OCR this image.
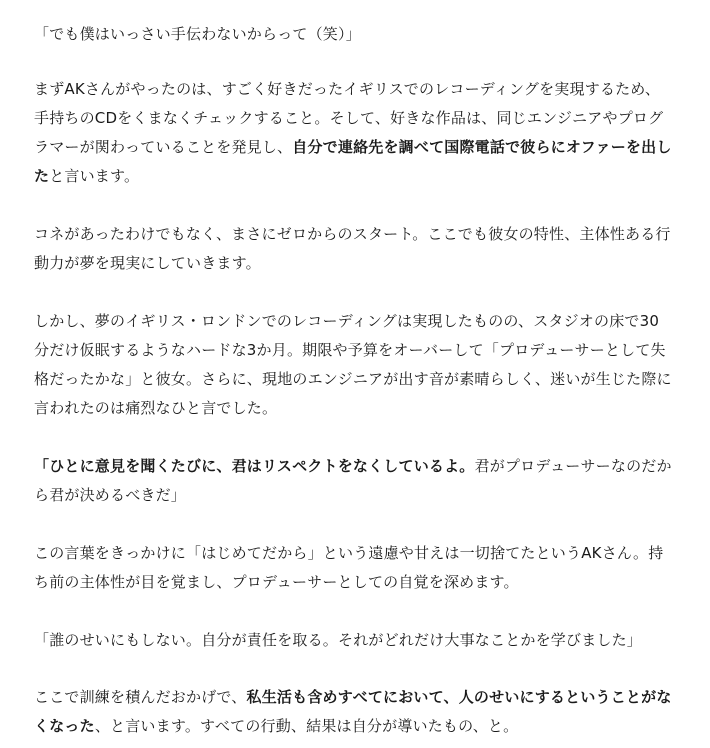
「でも僕はいっさい手伝わないからって（笑）」

まずAKさんがやったのは、すごく好きだったイギリスでのレコーディングを実現するため、手持ちのCDをくまなくチェックすること。そして、好きな作品は、同じエンジニアやプログラマーが関わっていることを発見し、自分で連絡先を調べて国際電話で彼らにオファーを出したと言います。

コネがあったわけでもなく、まさにゼロからのスタート。ここでも彼女の特性、主体性ある行動力が夢を現実にしていきます。

しかし、夢のイギリス・ロンドンでのレコーディングは実現したものの、スタジオの床で30分だけ仮眠するようなハードな3か月。期限や予算をオーバーして「プロデューサーとして失格だったかな」と彼女。さらに、現地のエンジニアが出す音が素晴らしく、迷いが生じた際に言われたのは痛烈なひと言でした。

「ひとに意見を聞くたびに、君はリスペクトをなくしているよ。君がプロデューサーなのだから君が決めるべきだ」

この言葉をきっかけに「はじめてだから」という遠慮や甘えは一切捨てたというAKさん。持ち前の主体性が目を覚まし、プロデューサーとしての自覚を深めます。

「誰のせいにもしない。自分が責任を取る。それがどれだけ大事なことかを学びました」

ここで訓練を積んだおかげで、私生活も含めすべてにおいて、人のせいにするということがなくなった、と言います。すべての行動、結果は自分が導いたもの、と。
